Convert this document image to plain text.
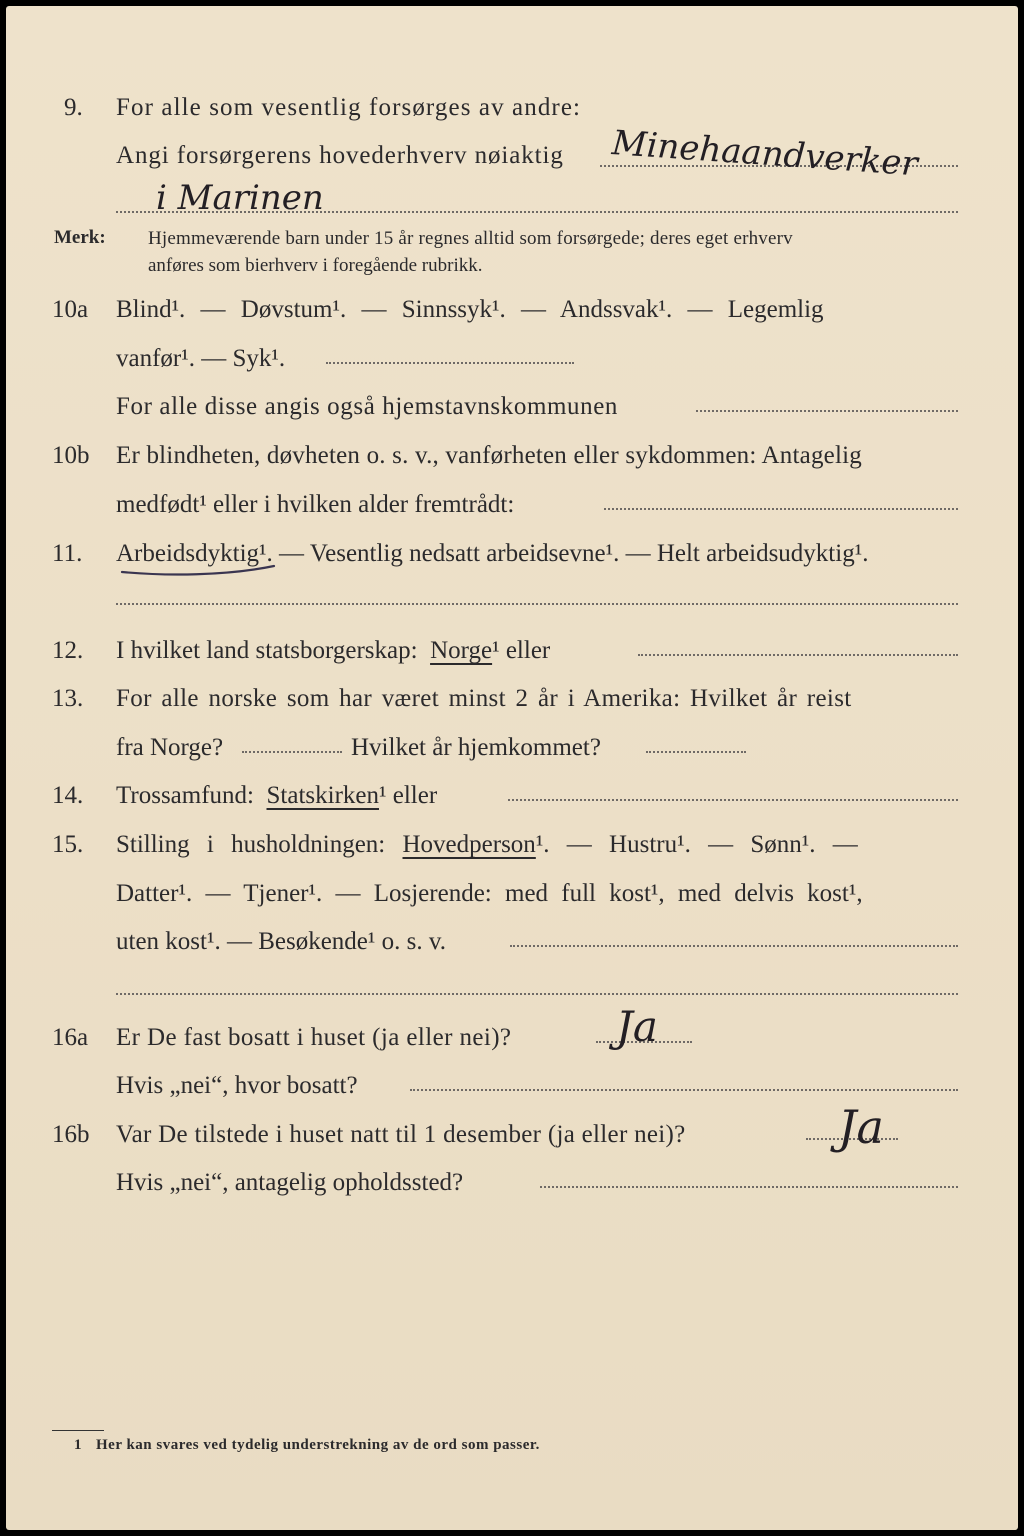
9. For alle som vesentlig forsørges av andre:
Angi forsørgerens hovederhverv nøiaktig Minehaandverker
i Marinen
Merk: Hjemmeværende barn under 15 år regnes alltid som forsørgede; deres eget erhverv
anføres som bierhverv i foregående rubrikk.
10a Blind¹. — Døvstum¹. — Sinnssyk¹. — Andssvak¹. — Legemlig
vanfør¹. — Syk¹.
For alle disse angis også hjemstavnskommunen
10b Er blindheten, døvheten o. s. v., vanførheten eller sykdommen: Antagelig
medfødt¹ eller i hvilken alder fremtrådt:
11. Arbeidsdyktig¹. — Vesentlig nedsatt arbeidsevne¹. — Helt arbeidsudyktig¹.
12. I hvilket land statsborgerskap: Norge¹ eller
13. For alle norske som har været minst 2 år i Amerika: Hvilket år reist
fra Norge?	Hvilket år hjemkommet?
14. Trossamfund: Statskirken¹ eller
15. Stilling i husholdningen: Hovedperson¹. — Hustru¹. — Sønn¹. —
Datter¹. — Tjener¹. — Losjerende: med full kost¹, med delvis kost¹,
uten kost¹. — Besøkende¹ o. s. v.
16a Er De fast bosatt i huset (ja eller nei)? Ja
Hvis „nei“, hvor bosatt?
16b Var De tilstede i huset natt til 1 desember (ja eller nei)?	Ja
Hvis „nei“, antagelig opholdssted?
1 Her kan svares ved tydelig understrekning av de ord som passer.
